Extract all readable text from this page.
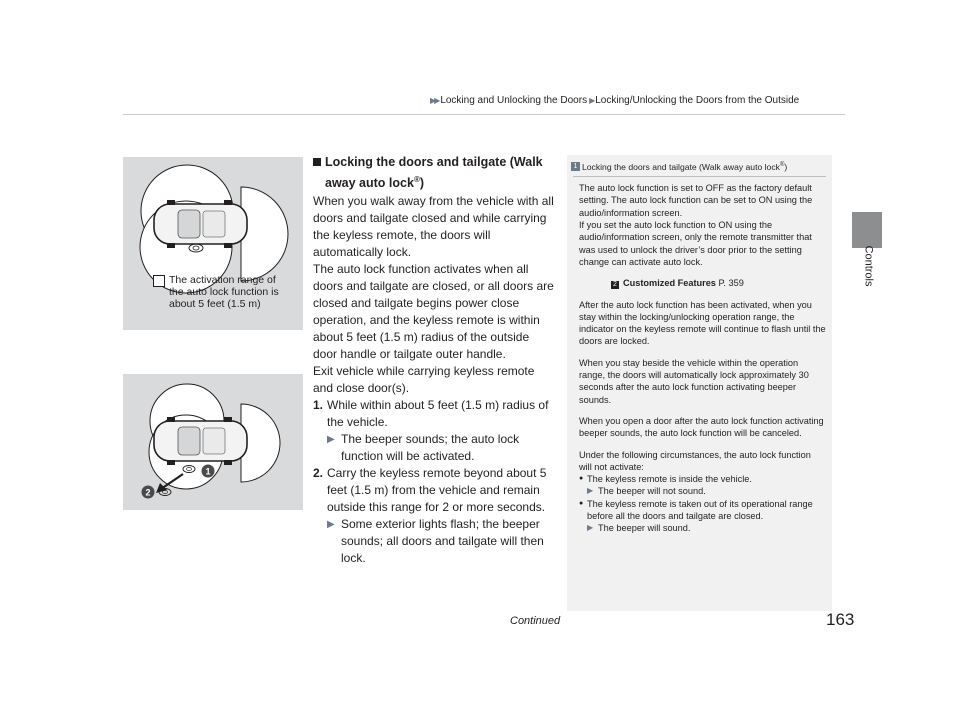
▶▶ Locking and Unlocking the Doors ▶ Locking/Unlocking the Doors from the Outside
Controls
The activation range of
the auto lock function is
about 5 feet (1.5 m)
1
2
Locking the doors and tailgate (Walk
away auto lock®)

When you walk away from the vehicle with all doors and tailgate closed and while carrying the keyless remote, the doors will automatically lock.

The auto lock function activates when all doors and tailgate are closed, or all doors are closed and tailgate begins power close operation, and the keyless remote is within about 5 feet (1.5 m) radius of the outside door handle or tailgate outer handle.

Exit vehicle while carrying keyless remote and close door(s).

1. While within about 5 feet (1.5 m) radius of the vehicle.
▶ The beeper sounds; the auto lock function will be activated.
2. Carry the keyless remote beyond about 5 feet (1.5 m) from the vehicle and remain outside this range for 2 or more seconds.
▶ Some exterior lights flash; the beeper sounds; all doors and tailgate will then lock.
1 Locking the doors and tailgate (Walk away auto lock®)

The auto lock function is set to OFF as the factory default setting. The auto lock function can be set to ON using the audio/information screen.
If you set the auto lock function to ON using the audio/information screen, only the remote transmitter that was used to unlock the driver’s door prior to the setting change can activate auto lock.

2 Customized Features P. 359

After the auto lock function has been activated, when you stay within the locking/unlocking operation range, the indicator on the keyless remote will continue to flash until the doors are locked.

When you stay beside the vehicle within the operation range, the doors will automatically lock approximately 30 seconds after the auto lock function activating beeper sounds.

When you open a door after the auto lock function activating beeper sounds, the auto lock function will be canceled.

Under the following circumstances, the auto lock function will not activate:

● The keyless remote is inside the vehicle.
▶ The beeper will not sound.
● The keyless remote is taken out of its operational range before all the doors and tailgate are closed.
▶ The beeper will sound.
Continued	163
